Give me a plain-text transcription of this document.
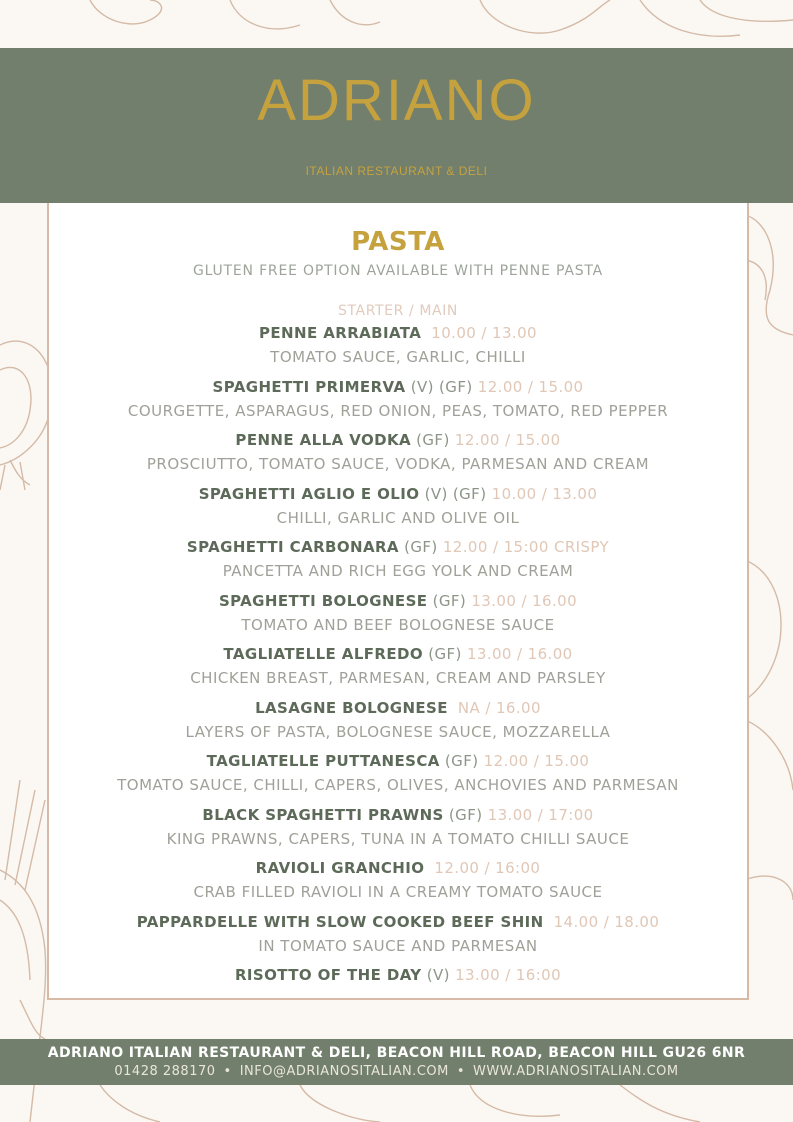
ADRIANO
ITALIAN RESTAURANT & DELI
PASTA
GLUTEN FREE OPTION AVAILABLE WITH PENNE PASTA
STARTER / MAIN
PENNE ARRABIATA 10.00 / 13.00
TOMATO SAUCE, GARLIC, CHILLI
SPAGHETTI PRIMERVA (V) (GF) 12.00 / 15.00
COURGETTE, ASPARAGUS, RED ONION, PEAS, TOMATO, RED PEPPER
PENNE ALLA VODKA (GF) 12.00 / 15.00
PROSCIUTTO, TOMATO SAUCE, VODKA, PARMESAN AND CREAM
SPAGHETTI AGLIO E OLIO (V) (GF) 10.00 / 13.00
CHILLI, GARLIC AND OLIVE OIL
SPAGHETTI CARBONARA (GF) 12.00 / 15:00 CRISPY
PANCETTA AND RICH EGG YOLK AND CREAM
SPAGHETTI BOLOGNESE (GF) 13.00 / 16.00
TOMATO AND BEEF BOLOGNESE SAUCE
TAGLIATELLE ALFREDO (GF) 13.00 / 16.00
CHICKEN BREAST, PARMESAN, CREAM AND PARSLEY
LASAGNE BOLOGNESE NA / 16.00
LAYERS OF PASTA, BOLOGNESE SAUCE, MOZZARELLA
TAGLIATELLE PUTTANESCA (GF) 12.00 / 15.00
TOMATO SAUCE, CHILLI, CAPERS, OLIVES, ANCHOVIES AND PARMESAN
BLACK SPAGHETTI PRAWNS (GF) 13.00 / 17:00
KING PRAWNS, CAPERS, TUNA IN A TOMATO CHILLI SAUCE
RAVIOLI GRANCHIO 12.00 / 16:00
CRAB FILLED RAVIOLI IN A CREAMY TOMATO SAUCE
PAPPARDELLE WITH SLOW COOKED BEEF SHIN 14.00 / 18.00
IN TOMATO SAUCE AND PARMESAN
RISOTTO OF THE DAY (V) 13.00 / 16:00
ADRIANO ITALIAN RESTAURANT & DELI, BEACON HILL ROAD, BEACON HILL GU26 6NR
01428 288170 • INFO@ADRIANOSITALIAN.COM • WWW.ADRIANOSITALIAN.COM
